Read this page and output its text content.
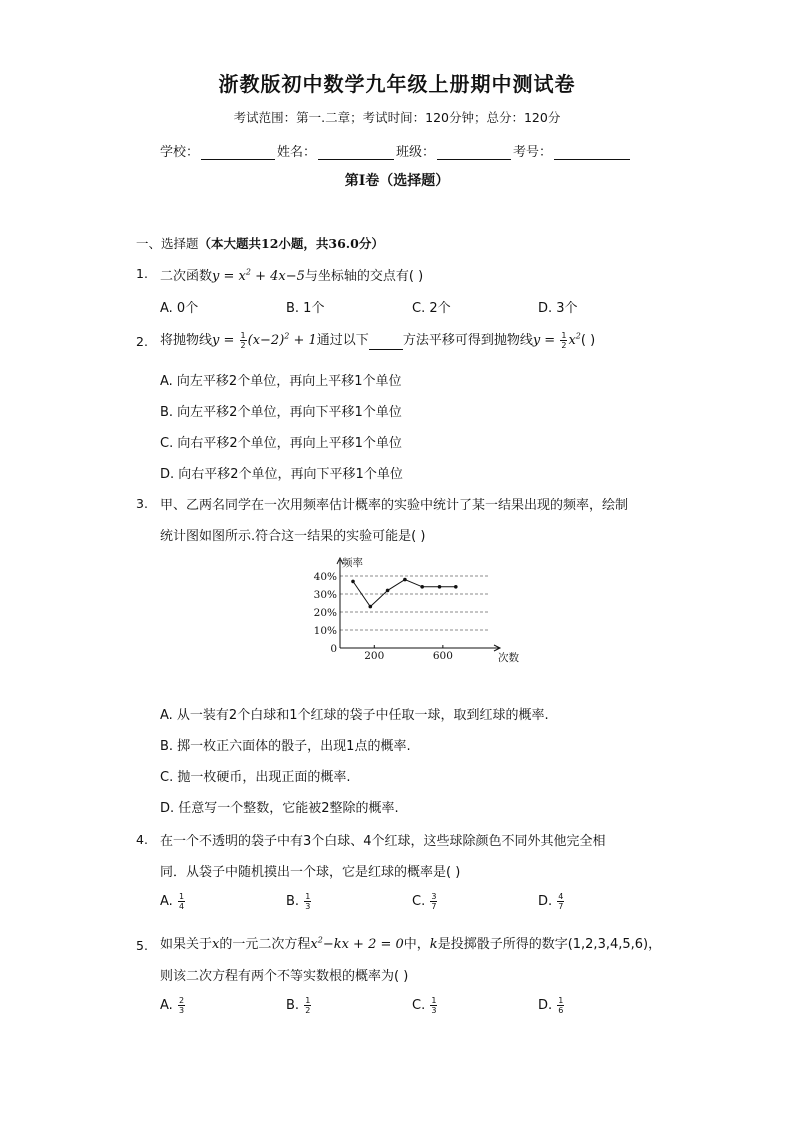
浙教版初中数学九年级上册期中测试卷
考试范围：第一.二章；考试时间：120分钟；总分：120分
学校：	姓名：	班级：	考号：
第I卷（选择题）
一、选择题（本大题共12小题，共36.0分）
1. 二次函数$y = x^2 + 4x-5$与坐标轴的交点有( )
A. 0个	B. 1个	C. 2个	D. 3个
2. 将抛物线$y = \frac{1}{2} (x-2)^2 + 1$通过以下	方法平移可得到抛物线$y = \frac{1}{2} x^2$( )
A. 向左平移2个单位，再向上平移1个单位
B. 向左平移2个单位，再向下平移1个单位
C. 向右平移2个单位，再向上平移1个单位
D. 向右平移2个单位，再向下平移1个单位
3. 甲、乙两名同学在一次用频率估计概率的实验中统计了某一结果出现的频率，绘制
统计图如图所示.符合这一结果的实验可能是( )
0
10%
20%
30%
40%
200	600
频率
次数
A. 从一装有2个白球和1个红球的袋子中任取一球，取到红球的概率.
B. 掷一枚正六面体的骰子，出现1点的概率.
C. 抛一枚硬币，出现正面的概率.
D. 任意写一个整数，它能被2整除的概率.
4. 在一个不透明的袋子中有3个白球、4个红球，这些球除颜色不同外其他完全相
同．从袋子中随机摸出一个球，它是红球的概率是( )
A. $\frac{1}{4}$	B. $\frac{1}{3}$	C. $\frac{3}{7}$	D. $\frac{4}{7}$
5. 如果关于x的一元二次方程$x^2-kx + 2 = 0$中，k是投掷骰子所得的数字(1,2,3,4,5,6)，
则该二次方程有两个不等实数根的概率为( )
A. $\frac{2}{3}$	B. $\frac{1}{2}$	C. $\frac{1}{3}$	D. $\frac{1}{6}$
